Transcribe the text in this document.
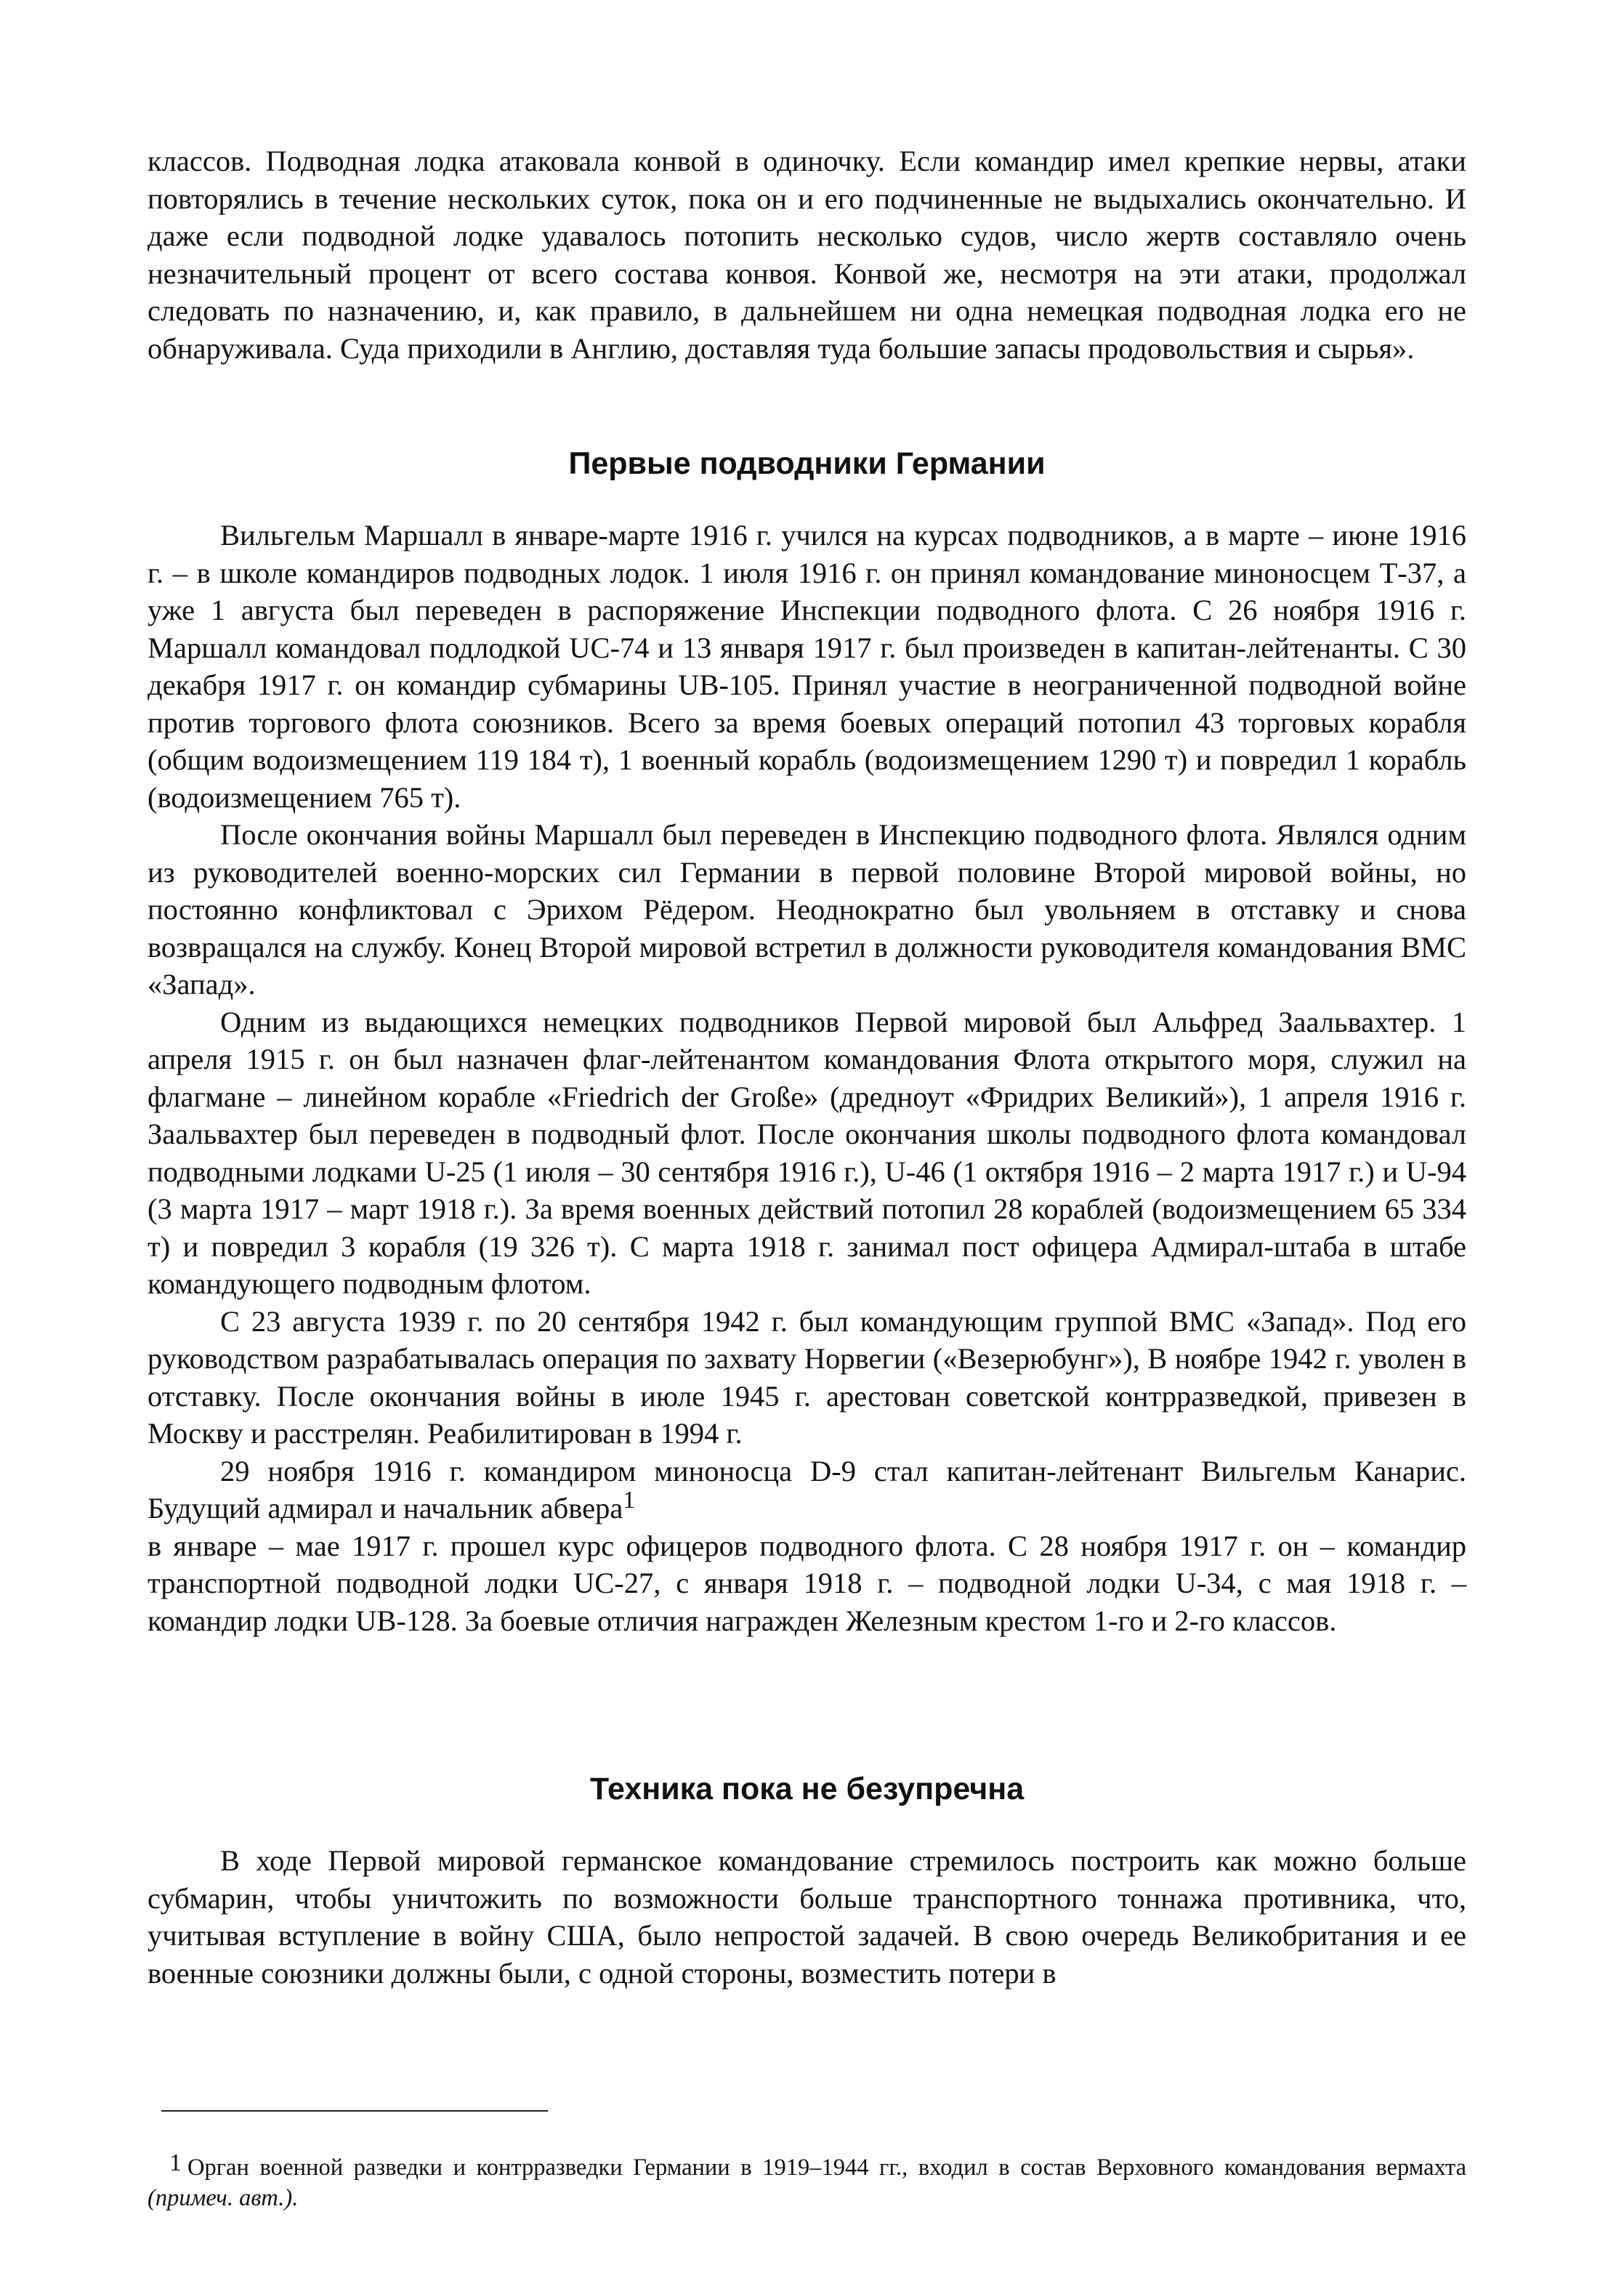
классов. Подводная лодка атаковала конвой в одиночку. Если командир имел крепкие нервы, атаки повторялись в течение нескольких суток, пока он и его подчиненные не выдыхались окончательно. И даже если подводной лодке удавалось потопить несколько судов, число жертв составляло очень незначительный процент от всего состава конвоя. Конвой же, несмотря на эти атаки, продолжал следовать по назначению, и, как правило, в дальнейшем ни одна немецкая подводная лодка его не обнаруживала. Суда приходили в Англию, доставляя туда большие запасы продовольствия и сырья».

Первые подводники Германии

Вильгельм Маршалл в январе-марте 1916 г. учился на курсах подводников, а в марте – июне 1916 г. – в школе командиров подводных лодок. 1 июля 1916 г. он принял командование миноносцем Т-37, а уже 1 августа был переведен в распоряжение Инспекции подводного флота. С 26 ноября 1916 г. Маршалл командовал подлодкой UC-74 и 13 января 1917 г. был произведен в капитан-лейтенанты. С 30 декабря 1917 г. он командир субмарины UB-105. Принял участие в неограниченной подводной войне против торгового флота союзников. Всего за время боевых операций потопил 43 торговых корабля (общим водоизмещением 119 184 т), 1 военный корабль (водоизмещением 1290 т) и повредил 1 корабль (водоизмещением 765 т).

После окончания войны Маршалл был переведен в Инспекцию подводного флота. Являлся одним из руководителей военно-морских сил Германии в первой половине Второй мировой войны, но постоянно конфликтовал с Эрихом Рёдером. Неоднократно был увольняем в отставку и снова возвращался на службу. Конец Второй мировой встретил в должности руководителя командования ВМС «Запад».

Одним из выдающихся немецких подводников Первой мировой был Альфред Заальвахтер. 1 апреля 1915 г. он был назначен флаг-лейтенантом командования Флота открытого моря, служил на флагмане – линейном корабле «Friedrich der Große» (дредноут «Фридрих Великий»), 1 апреля 1916 г. Заальвахтер был переведен в подводный флот. После окончания школы подводного флота командовал подводными лодками U-25 (1 июля – 30 сентября 1916 г.), U-46 (1 октября 1916 – 2 марта 1917 г.) и U-94 (3 марта 1917 – март 1918 г.). За время военных действий потопил 28 кораблей (водоизмещением 65 334 т) и повредил 3 корабля (19 326 т). С марта 1918 г. занимал пост офицера Адмирал-штаба в штабе командующего подводным флотом.

С 23 августа 1939 г. по 20 сентября 1942 г. был командующим группой ВМС «Запад». Под его руководством разрабатывалась операция по захвату Норвегии («Везерюбунг»), В ноябре 1942 г. уволен в отставку. После окончания войны в июле 1945 г. арестован советской контрразведкой, привезен в Москву и расстрелян. Реабилитирован в 1994 г.

29 ноября 1916 г. командиром миноносца D-9 стал капитан-лейтенант Вильгельм Канарис. Будущий адмирал и начальник абвера$^1$

в январе – мае 1917 г. прошел курс офицеров подводного флота. С 28 ноября 1917 г. он – командир транспортной подводной лодки UC-27, с января 1918 г. – подводной лодки U-34, с мая 1918 г. – командир лодки UB-128. За боевые отличия награжден Железным крестом 1-го и 2-го классов.

Техника пока не безупречна

В ходе Первой мировой германское командование стремилось построить как можно больше субмарин, чтобы уничтожить по возможности больше транспортного тоннажа противника, что, учитывая вступление в войну США, было непростой задачей. В свою очередь Великобритания и ее военные союзники должны были, с одной стороны, возместить потери в

1 Орган военной разведки и контрразведки Германии в 1919–1944 гг., входил в состав Верховного командования вермахта (примеч. авт.).
